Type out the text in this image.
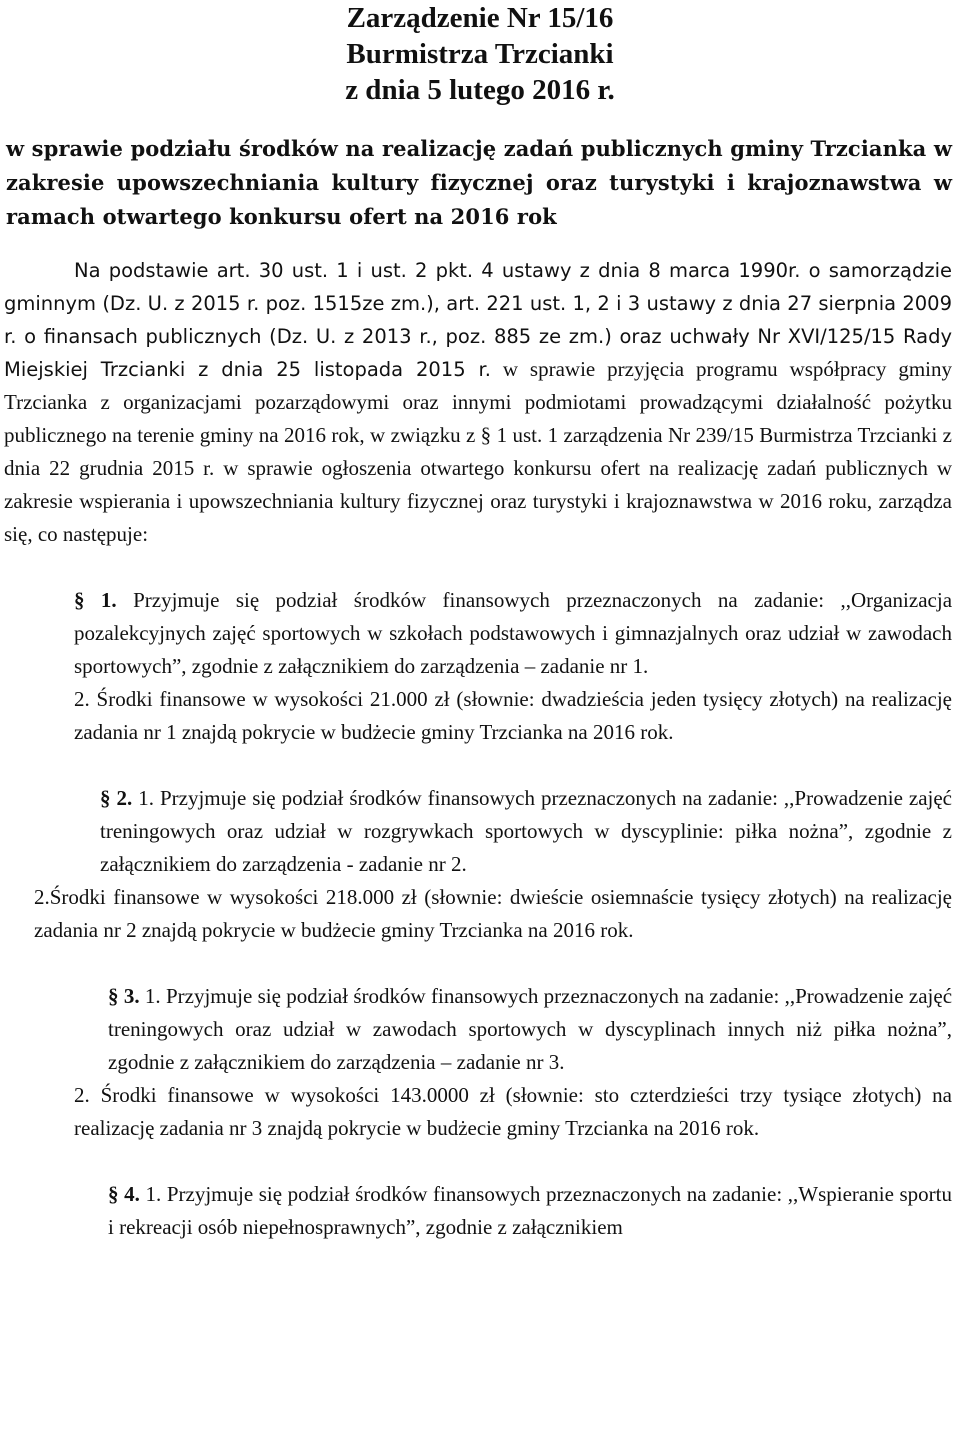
Zarządzenie Nr 15/16
Burmistrza Trzcianki
z dnia 5 lutego 2016 r.
w sprawie podziału środków na realizację zadań publicznych gminy Trzcianka w zakresie upowszechniania kultury fizycznej oraz turystyki i krajoznawstwa w ramach otwartego konkursu ofert na 2016 rok
Na podstawie art. 30 ust. 1 i ust. 2 pkt. 4 ustawy z dnia 8 marca 1990r. o samorządzie gminnym (Dz. U. z 2015 r. poz. 1515ze zm.), art. 221 ust. 1, 2 i 3 ustawy z dnia 27 sierpnia 2009 r. o finansach publicznych (Dz. U. z 2013 r., poz. 885 ze zm.) oraz uchwały Nr XVI/125/15 Rady Miejskiej Trzcianki z dnia 25 listopada 2015 r. w sprawie przyjęcia programu współpracy gminy Trzcianka z organizacjami pozarządowymi oraz innymi podmiotami prowadzącymi działalność pożytku publicznego na terenie gminy na 2016 rok, w związku z § 1 ust. 1 zarządzenia Nr 239/15 Burmistrza Trzcianki z dnia 22 grudnia 2015 r. w sprawie ogłoszenia otwartego konkursu ofert na realizację zadań publicznych w zakresie wspierania i upowszechniania kultury fizycznej oraz turystyki i krajoznawstwa w 2016 roku, zarządza się, co następuje:

§ 1. Przyjmuje się podział środków finansowych przeznaczonych na zadanie: ,,Organizacja pozalekcyjnych zajęć sportowych w szkołach podstawowych i gimnazjalnych oraz udział w zawodach sportowych”, zgodnie z załącznikiem do zarządzenia – zadanie nr 1.

2. Środki finansowe w wysokości 21.000 zł (słownie: dwadzieścia jeden tysięcy złotych) na realizację zadania nr 1 znajdą pokrycie w budżecie gminy Trzcianka na 2016 rok.

§ 2. 1. Przyjmuje się podział środków finansowych przeznaczonych na zadanie: ,,Prowadzenie zajęć treningowych oraz udział w rozgrywkach sportowych w dyscyplinie: piłka nożna”, zgodnie z załącznikiem do zarządzenia - zadanie nr 2.

2.Środki finansowe w wysokości 218.000 zł (słownie: dwieście osiemnaście tysięcy złotych) na realizację zadania nr 2 znajdą pokrycie w budżecie gminy Trzcianka na 2016 rok.

§ 3. 1. Przyjmuje się podział środków finansowych przeznaczonych na zadanie: ,,Prowadzenie zajęć treningowych oraz udział w zawodach sportowych w dyscyplinach innych niż piłka nożna”, zgodnie z załącznikiem do zarządzenia – zadanie nr 3.

2. Środki finansowe w wysokości 143.0000 zł (słownie: sto czterdzieści trzy tysiące złotych) na realizację zadania nr 3 znajdą pokrycie w budżecie gminy Trzcianka na 2016 rok.

§ 4. 1. Przyjmuje się podział środków finansowych przeznaczonych na zadanie: ,,Wspieranie sportu i rekreacji osób niepełnosprawnych”, zgodnie z załącznikiem
